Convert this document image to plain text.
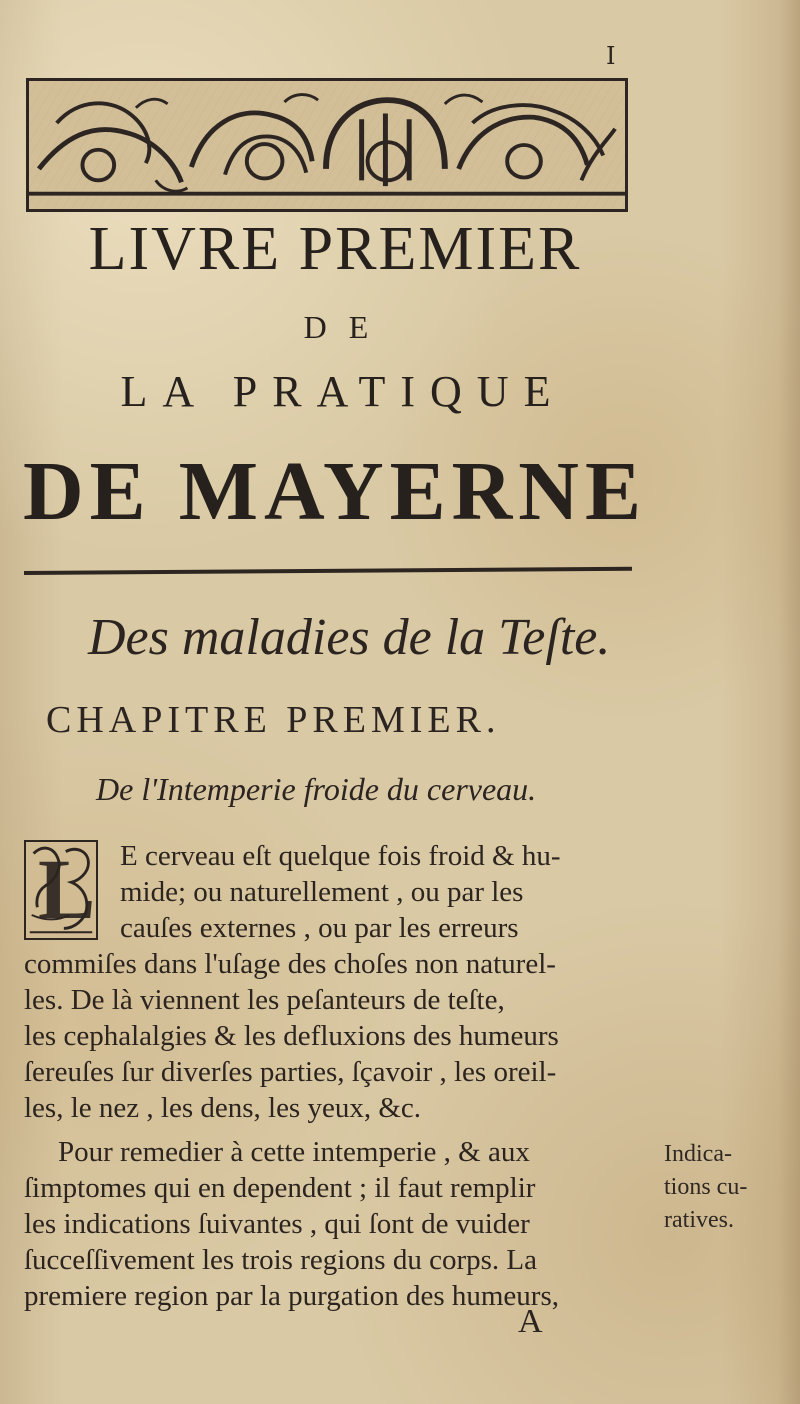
I
LIVRE PREMIER
DE
LA PRATIQUE
DE MAYERNE
Des maladies de la Teſte.
CHAPITRE PREMIER.
De l'Intemperie froide du cerveau.
L E cerveau eſt quelque fois froid & hu-
mide; ou naturellement , ou par les
cauſes externes , ou par les erreurs
commiſes dans l'uſage des choſes non naturel-
les. De là viennent les peſanteurs de teſte,
les cephalalgies & les defluxions des humeurs
ſereuſes ſur diverſes parties, ſçavoir , les oreil-
les, le nez , les dens, les yeux, &c.
Pour remedier à cette intemperie , & aux
ſimptomes qui en dependent ; il faut remplir
les indications ſuivantes , qui ſont de vuider
ſucceſſivement les trois regions du corps. La
premiere region par la purgation des humeurs,
Indica-
tions cu-
ratives.
A
